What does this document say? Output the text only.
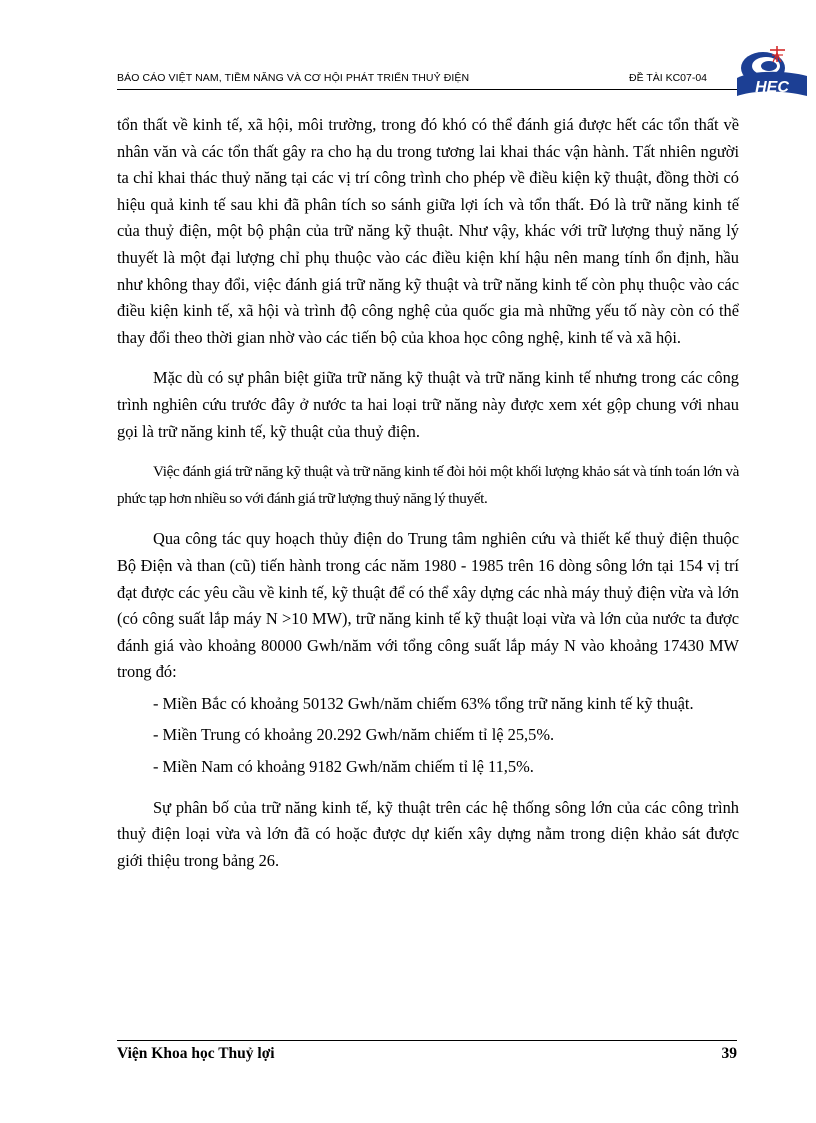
BÁO CÁO VIỆT NAM, TIỀM NĂNG VÀ CƠ HỘI PHÁT TRIỂN THUỶ ĐIỆN	ĐỀ TÀI KC07-04
HEC

tổn thất về kinh tế, xã hội, môi trường, trong đó khó có thể đánh giá được hết các tổn thất về nhân văn và các tổn thất gây ra cho hạ du trong tương lai khai thác vận hành. Tất nhiên người ta chỉ khai thác thuỷ năng tại các vị trí công trình cho phép về điều kiện kỹ thuật, đồng thời có hiệu quả kinh tế sau khi đã phân tích so sánh giữa lợi ích và tổn thất. Đó là trữ năng kinh tế của thuỷ điện, một bộ phận của trữ năng kỹ thuật. Như vậy, khác với trữ lượng thuỷ năng lý thuyết là một đại lượng chỉ phụ thuộc vào các điều kiện khí hậu nên mang tính ổn định, hầu như không thay đổi, việc đánh giá trữ năng kỹ thuật và trữ năng kinh tế còn phụ thuộc vào các điều kiện kinh tế, xã hội và trình độ công nghệ của quốc gia mà những yếu tố này còn có thể thay đổi theo thời gian nhờ vào các tiến bộ của khoa học công nghệ, kinh tế và xã hội.

Mặc dù có sự phân biệt giữa trữ năng kỹ thuật và trữ năng kinh tế nhưng trong các công trình nghiên cứu trước đây ở nước ta hai loại trữ năng này được xem xét gộp chung với nhau gọi là trữ năng kinh tế, kỹ thuật của thuỷ điện.

Việc đánh giá trữ năng kỹ thuật và trữ năng kinh tế đòi hỏi một khối lượng khảo sát và tính toán lớn và phức tạp hơn nhiều so với đánh giá trữ lượng thuỷ năng lý thuyết.

Qua công tác quy hoạch thủy điện do Trung tâm nghiên cứu và thiết kế thuỷ điện thuộc Bộ Điện và than (cũ) tiến hành trong các năm 1980 - 1985 trên 16 dòng sông lớn tại 154 vị trí đạt được các yêu cầu về kinh tế, kỹ thuật để có thể xây dựng các nhà máy thuỷ điện vừa và lớn (có công suất lắp máy N >10 MW), trữ năng kinh tế kỹ thuật loại vừa và lớn của nước ta được đánh giá vào khoảng 80000 Gwh/năm với tổng công suất lắp máy N vào khoảng 17430 MW trong đó:

- Miền Bắc có khoảng 50132 Gwh/năm chiếm 63% tổng trữ năng kinh tế kỹ thuật.

- Miền Trung có khoảng 20.292 Gwh/năm chiếm tỉ lệ 25,5%.

- Miền Nam có khoảng 9182 Gwh/năm chiếm tỉ lệ 11,5%.

Sự phân bố của trữ năng kinh tế, kỹ thuật trên các hệ thống sông lớn của các công trình thuỷ điện loại vừa và lớn đã có hoặc được dự kiến xây dựng nằm trong diện khảo sát được giới thiệu trong bảng 26.

Viện Khoa học Thuỷ lợi	39
